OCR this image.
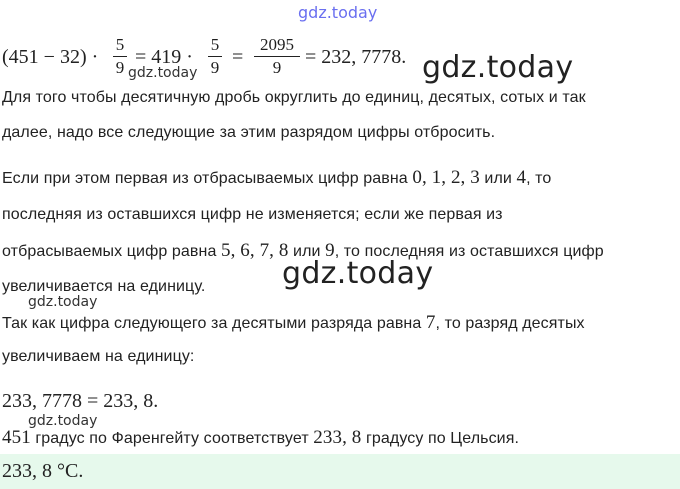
gdz.today
(451 − 32) ·
5
9 = 419 ·
5
9 =
2095
9	= 232, 7778.
gdz.today	gdz.today
Для того чтобы десятичную дробь округлить до единиц, десятых, сотых и так
далее, надо все следующие за этим разрядом цифры отбросить.
Если при этом первая из отбрасываемых цифр равна 0, 1, 2, 3 или 4, то
последняя из оставшихся цифр не изменяется; если же первая из
отбрасываемых цифр равна 5, 6, 7, 8 или 9, то последняя из оставшихся цифр
увеличивается на единицу.	gdz.today
gdz.today
Так как цифра следующего за десятыми разряда равна 7, то разряд десятых
увеличиваем на единицу:
233, 7778 = 233, 8.
gdz.today
451 градус по Фаренгейту соответствует 233, 8 градусу по Цельсия.
233, 8 °C.
